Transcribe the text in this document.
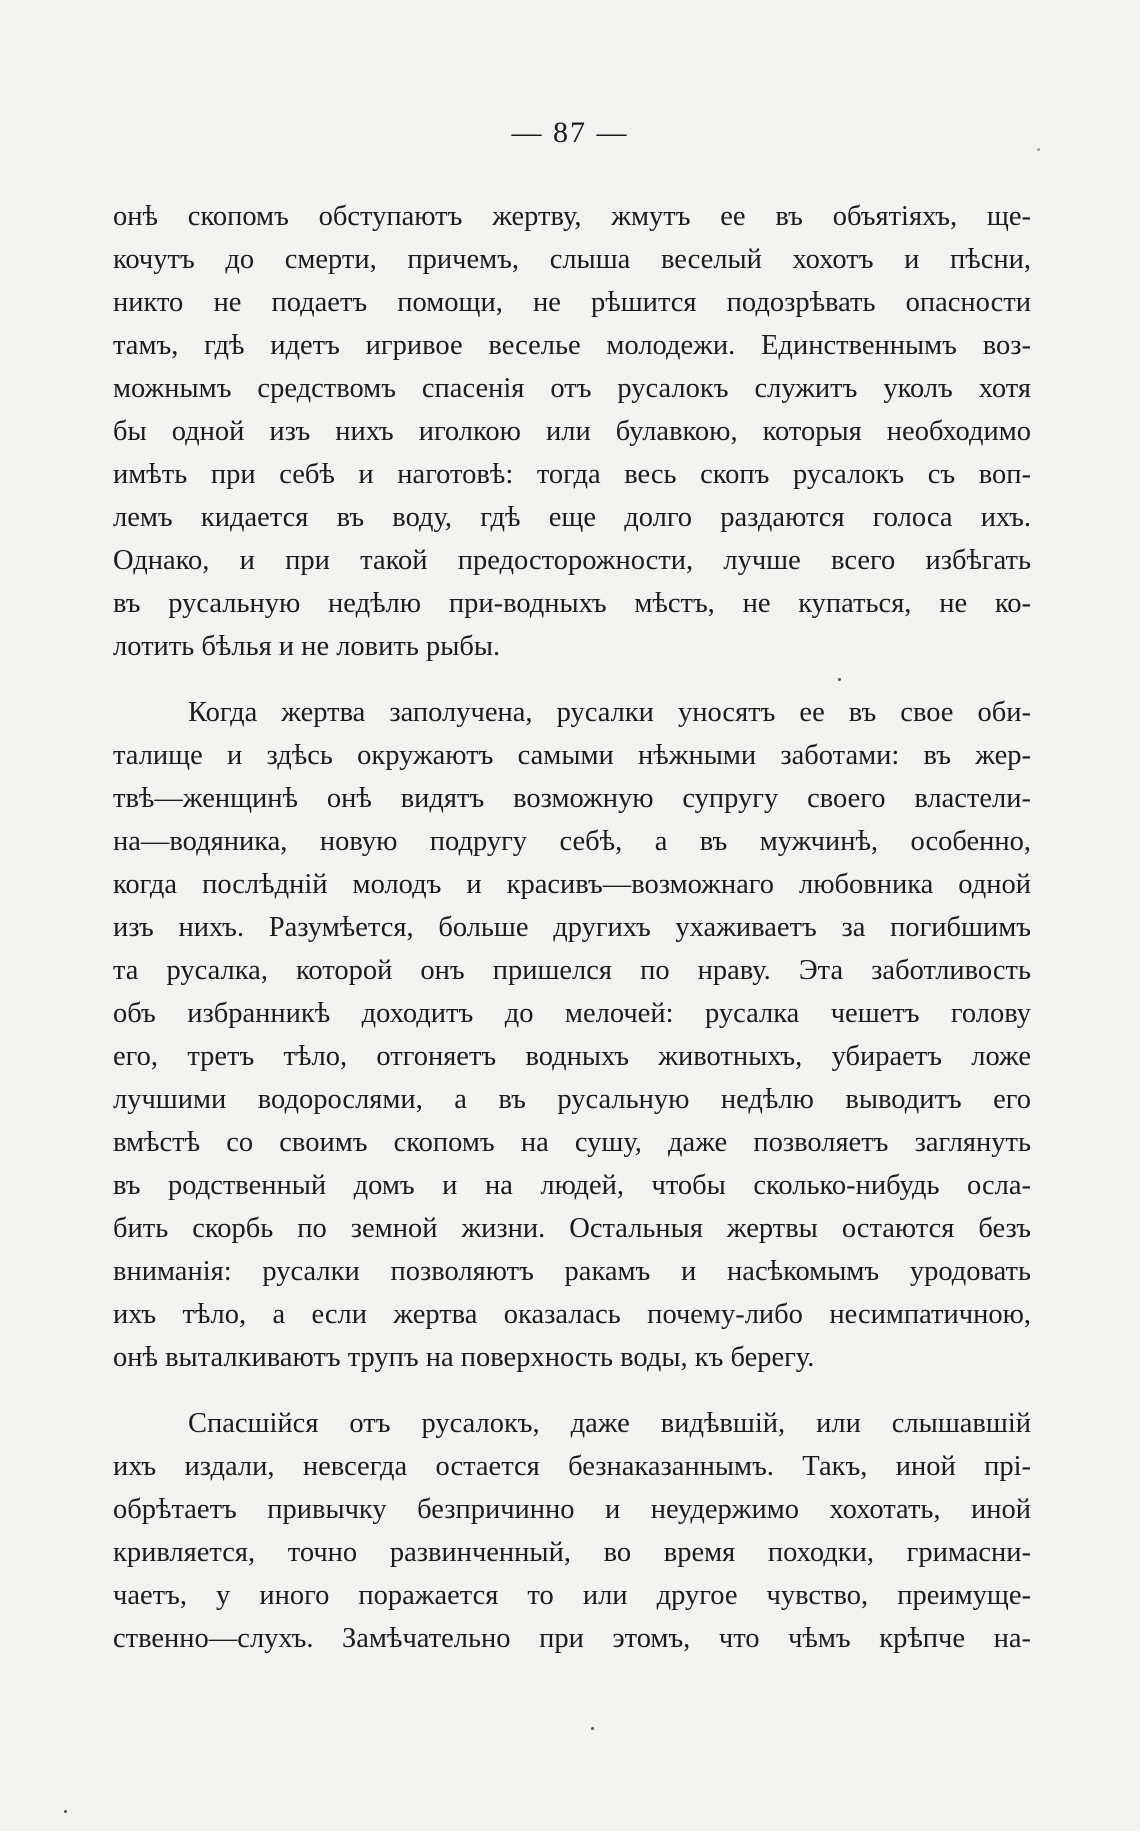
— 87 —
онѣ скопомъ обступаютъ жертву, жмутъ ее въ объятiяхъ, ще-
кочутъ до смерти, причемъ, слыша веселый хохотъ и пѣсни,
никто не подаетъ помощи, не рѣшится подозрѣвать опасности
тамъ, гдѣ идетъ игривое веселье молодежи. Единственнымъ воз-
можнымъ средствомъ спасенiя отъ русалокъ служитъ уколъ хотя
бы одной изъ нихъ иголкою или булавкою, которыя необходимо
имѣть при себѣ и наготовѣ: тогда весь скопъ русалокъ съ воп-
лемъ кидается въ воду, гдѣ еще долго раздаются голоса ихъ.
Однако, и при такой предосторожности, лучше всего избѣгать
въ русальную недѣлю при-водныхъ мѣстъ, не купаться, не ко-
лотить бѣлья и не ловить рыбы.
Когда жертва заполучена, русалки уносятъ ее въ свое оби-
талище и здѣсь окружаютъ самыми нѣжными заботами: въ жер-
твѣ—женщинѣ онѣ видятъ возможную супругу своего властели-
на—водяника, новую подругу себѣ, а въ мужчинѣ, особенно,
когда послѣднiй молодъ и красивъ—возможнаго любовника одной
изъ нихъ. Разумѣется, больше другихъ ухаживаетъ за погибшимъ
та русалка, которой онъ пришелся по нраву. Эта заботливость
объ избранникѣ доходитъ до мелочей: русалка чешетъ голову
его, третъ тѣло, отгоняетъ водныхъ животныхъ, убираетъ ложе
лучшими водорослями, а въ русальную недѣлю выводитъ его
вмѣстѣ со своимъ скопомъ на сушу, даже позволяетъ заглянуть
въ родственный домъ и на людей, чтобы сколько-нибудь осла-
бить скорбь по земной жизни. Остальныя жертвы остаются безъ
вниманiя: русалки позволяютъ ракамъ и насѣкомымъ уродовать
ихъ тѣло, а если жертва оказалась почему-либо несимпатичною,
онѣ выталкиваютъ трупъ на поверхность воды, къ берегу.
Спасшiйся отъ русалокъ, даже видѣвшiй, или слышавшiй
ихъ издали, невсегда остается безнаказаннымъ. Такъ, иной прi-
обрѣтаетъ привычку безпричинно и неудержимо хохотать, иной
кривляется, точно развинченный, во время походки, гримасни-
чаетъ, у иного поражается то или другое чувство, преимуще-
ственно—слухъ. Замѣчательно при этомъ, что чѣмъ крѣпче на-
